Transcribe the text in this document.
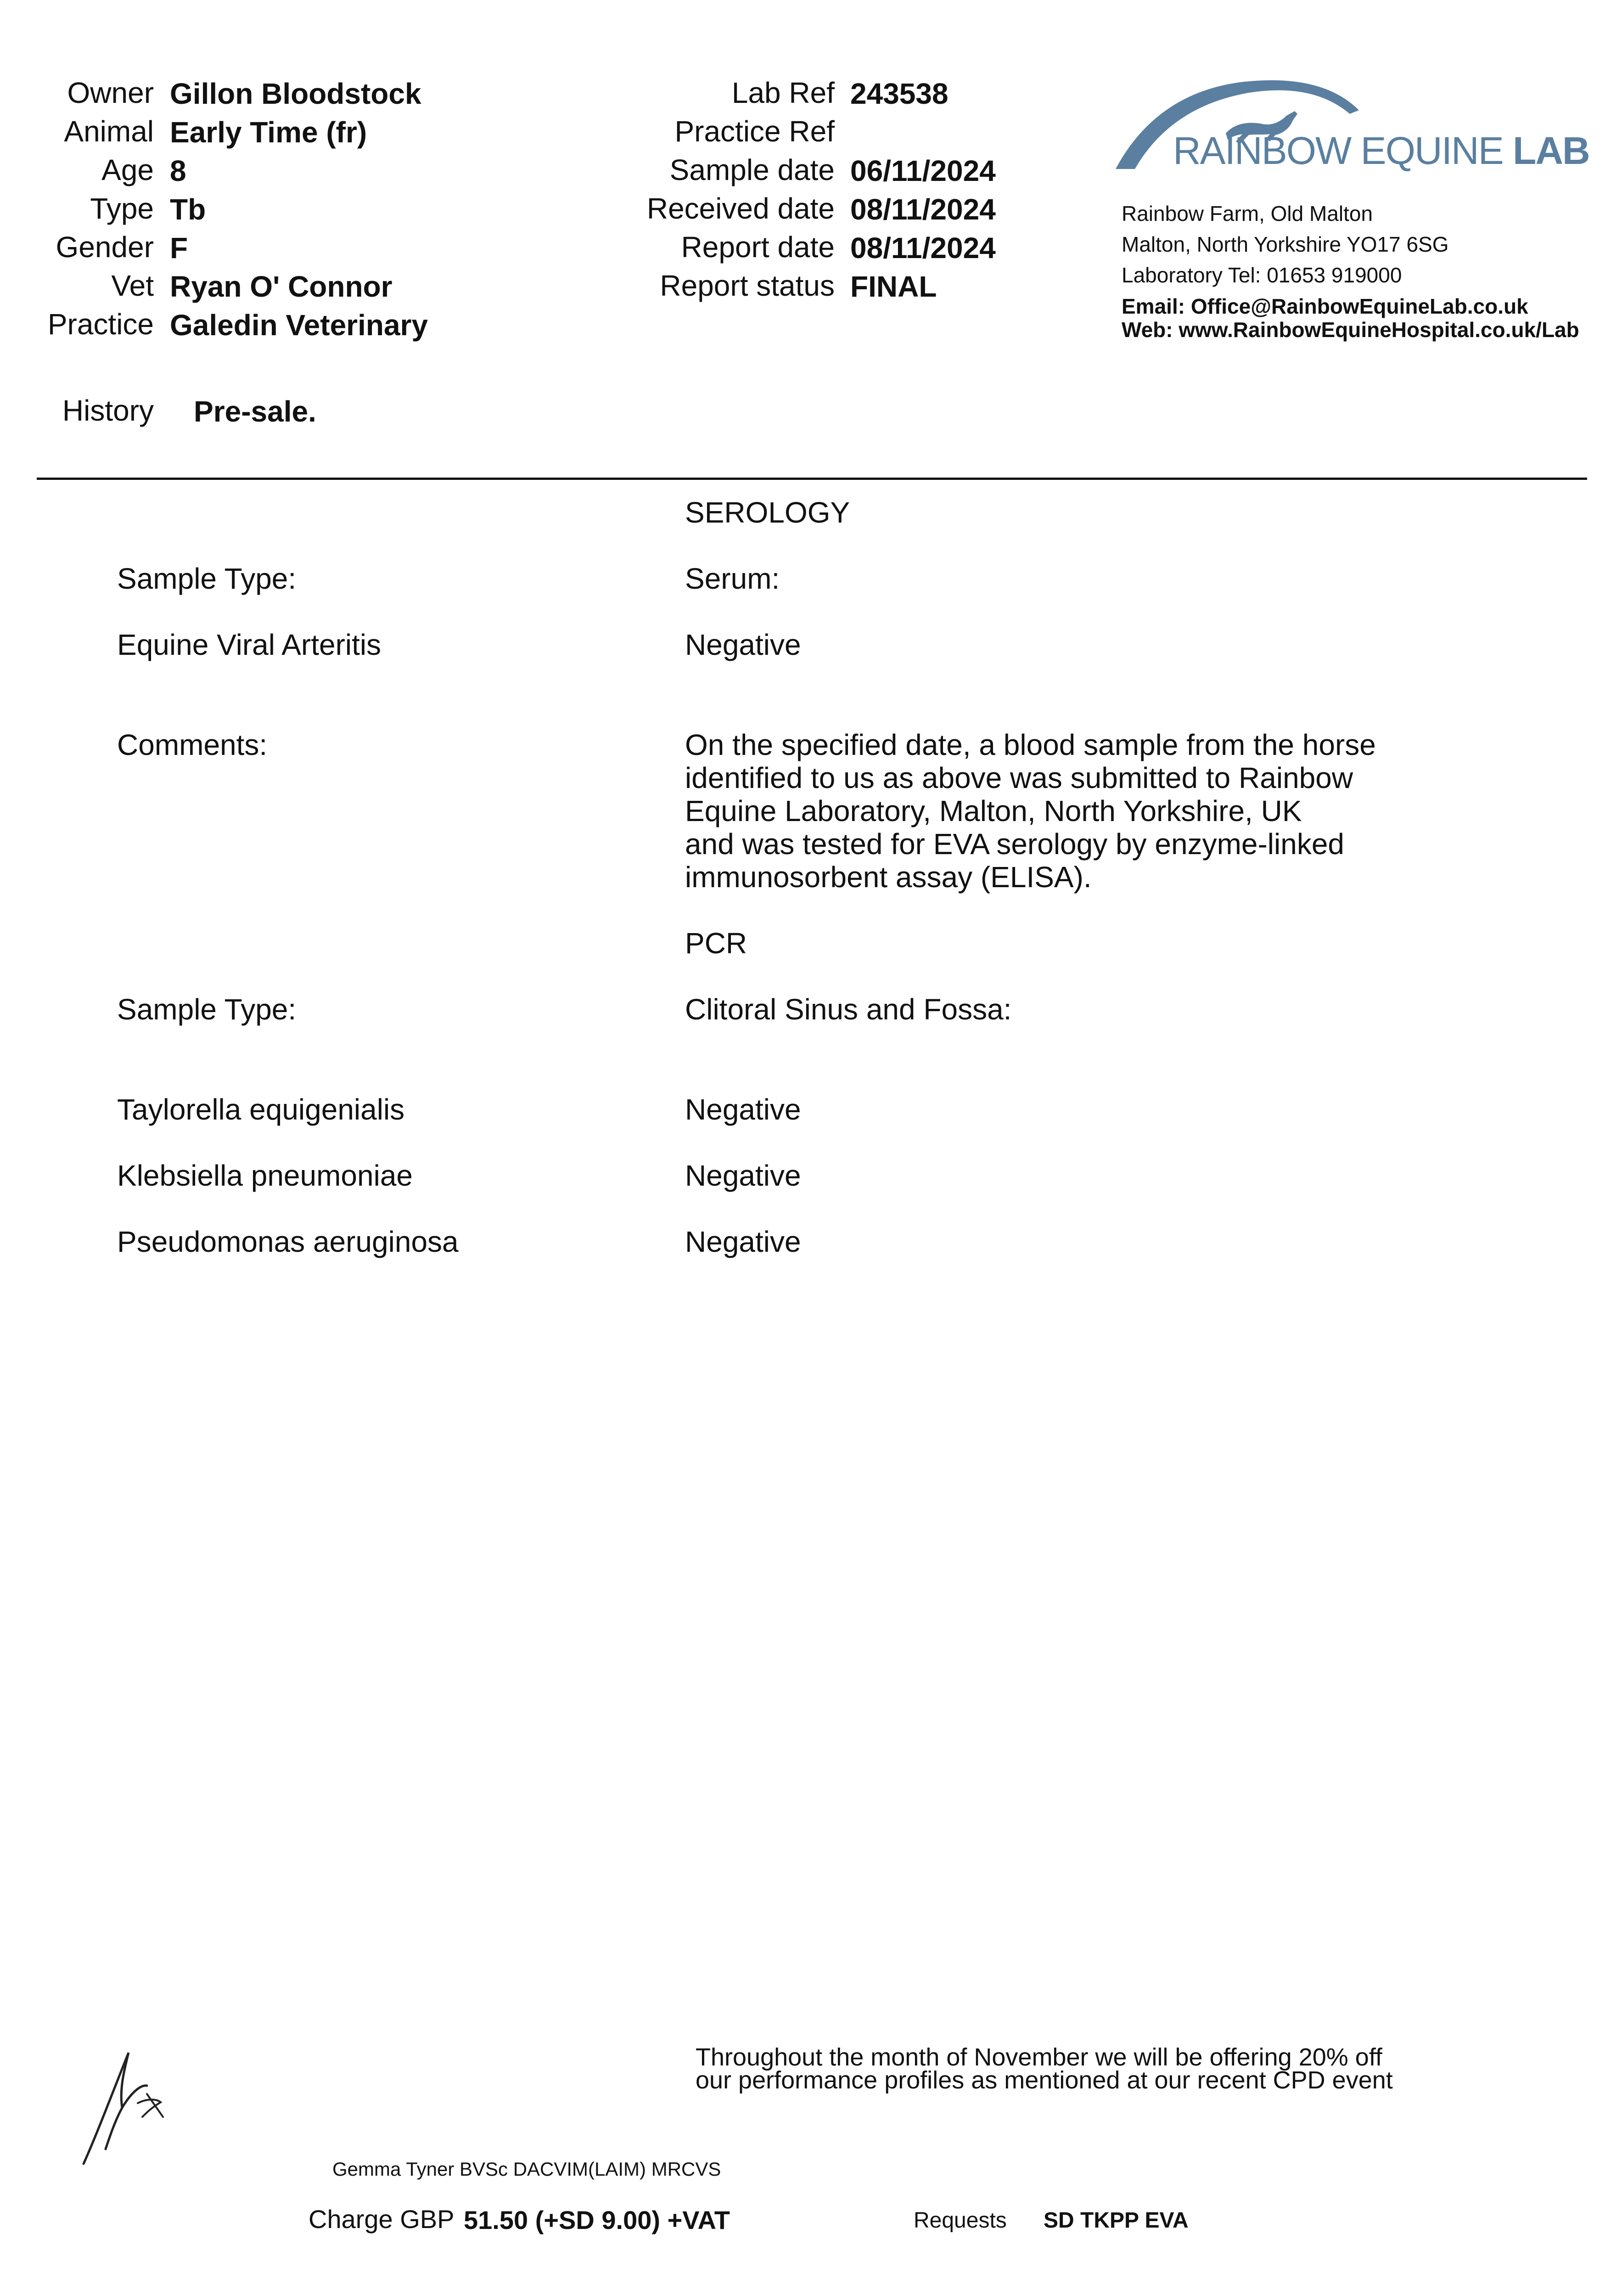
Owner Gillon Bloodstock
Animal Early Time (fr)
Age 8
Type Tb
Gender F
Vet Ryan O' Connor
Practice Galedin Veterinary
Lab Ref 243538
Practice Ref
Sample date 06/11/2024
Received date 08/11/2024
Report date 08/11/2024
Report status FINAL
RAINBOW EQUINE LAB
Rainbow Farm, Old Malton
Malton, North Yorkshire YO17 6SG
Laboratory Tel: 01653 919000
Email: Office@RainbowEquineLab.co.uk
Web: www.RainbowEquineHospital.co.uk/Lab
History Pre-sale.
SEROLOGY
Sample Type:	Serum:
Equine Viral Arteritis	Negative
Comments:	On the specified date, a blood sample from the horse
identified to us as above was submitted to Rainbow
Equine Laboratory, Malton, North Yorkshire, UK
and was tested for EVA serology by enzyme-linked
immunosorbent assay (ELISA).
PCR
Sample Type:	Clitoral Sinus and Fossa:
Taylorella equigenialis	Negative
Klebsiella pneumoniae	Negative
Pseudomonas aeruginosa	Negative
Throughout the month of November we will be offering 20% off
our performance profiles as mentioned at our recent CPD event
Gemma Tyner BVSc DACVIM(LAIM) MRCVS
Charge GBP 51.50 (+SD 9.00) +VAT	Requests SD TKPP EVA
